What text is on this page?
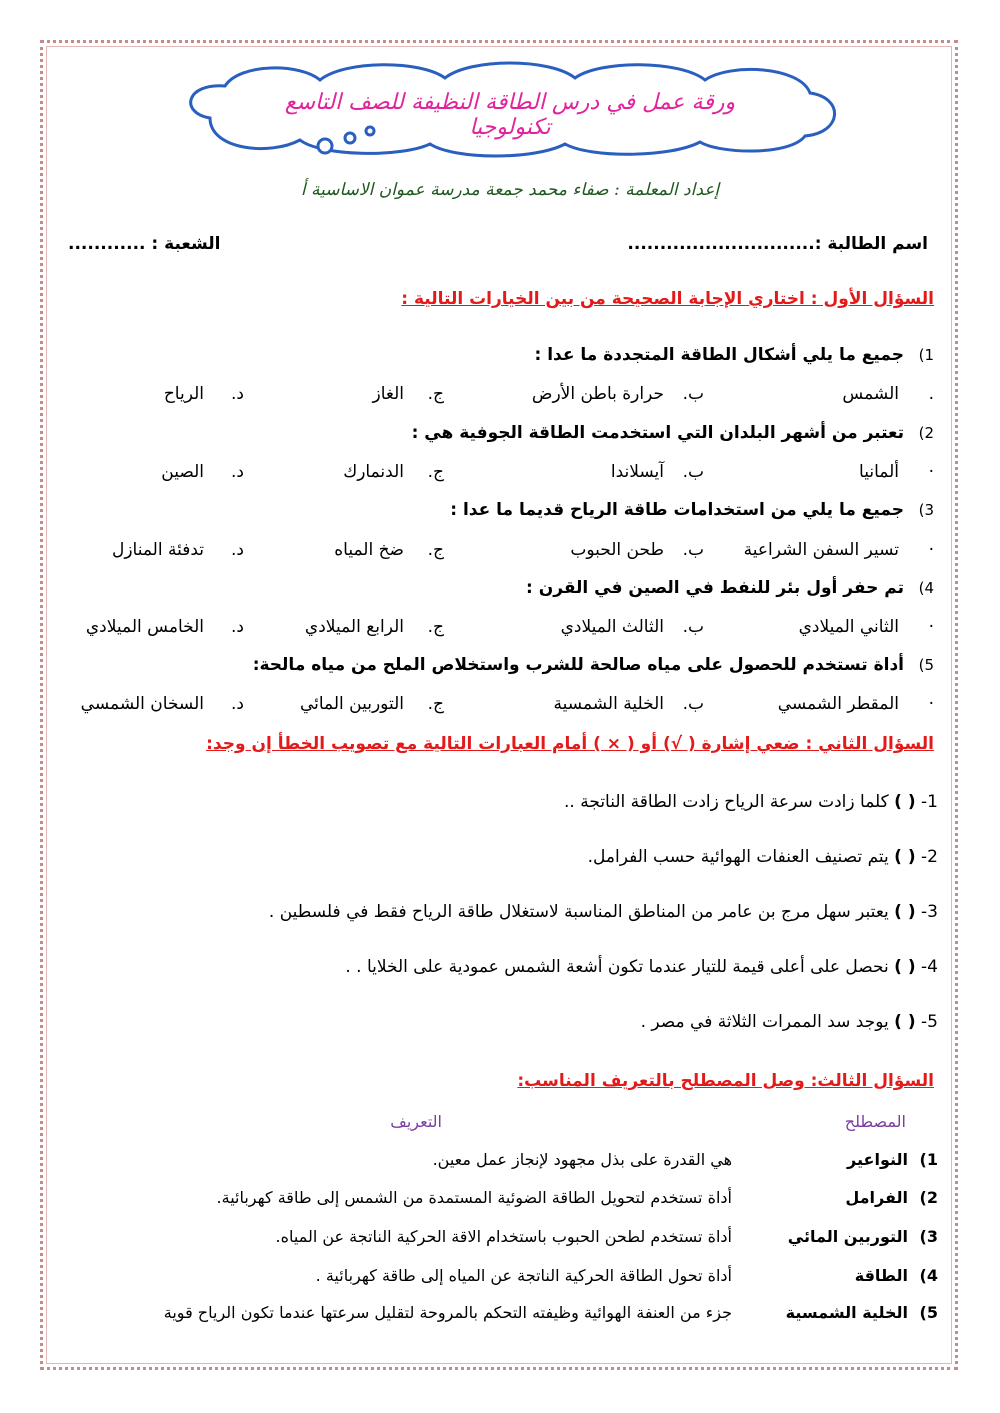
ورقة عمل في درس الطاقة النظيفة للصف التاسع تكنولوجيا
إعداد المعلمة : صفاء محمد جمعة مدرسة عموان الاساسية أ
اسم الطالبة :.............................
الشعبة : ............
السؤال الأول : اختاري الإجابة الصحيحة من بين الخيارات التالية :
1)جميع ما يلي أشكال الطاقة المتجددة ما عدا :
.
الشمس
ب.
حرارة باطن الأرض
ج.
الغاز
د.
الرياح
2)تعتبر من أشهر البلدان التي استخدمت الطاقة الجوفية هي :
·
ألمانيا
ب.
آيسلاندا
ج.
الدنمارك
د.
الصين
3)جميع ما يلي من استخدامات طاقة الرياح قديما ما عدا :
·
تسير السفن الشراعية
ب.
طحن الحبوب
ج.
ضخ المياه
د.
تدفئة المنازل
4)تم حفر أول بئر للنفط في الصين في القرن :
·
الثاني الميلادي
ب.
الثالث الميلادي
ج.
الرابع الميلادي
د.
الخامس الميلادي
5)أداة تستخدم للحصول على مياه صالحة للشرب واستخلاص الملح من مياه مالحة:
·
المقطر الشمسي
ب.
الخلية الشمسية
ج.
التوربين المائي
د.
السخان الشمسي
السؤال الثاني : ضعي إشارة ( √) أو ( × ) أمام العبارات التالية مع تصويب الخطأ إن وجد:
1- ( ) كلما زادت سرعة الرياح زادت الطاقة الناتجة ..
2- ( ) يتم تصنيف العنفات الهوائية حسب الفرامل.
3- ( ) يعتبر سهل مرج بن عامر من المناطق المناسبة لاستغلال طاقة الرياح فقط في فلسطين .
4- ( ) نحصل على أعلى قيمة للتيار عندما تكون أشعة الشمس عمودية على الخلايا . .
5- ( ) يوجد سد الممرات الثلاثة في مصر .
السؤال الثالث: وصل المصطلح بالتعريف المناسب:
المصطلح
التعريف
1)النواعير
هي القدرة على بذل مجهود لإنجاز عمل معين.
2)الفرامل
أداة تستخدم لتحويل الطاقة الضوئية المستمدة من الشمس إلى طاقة كهربائية.
3)التوربين المائي
أداة تستخدم لطحن الحبوب باستخدام الاقة الحركية الناتجة عن المياه.
4)الطاقة
أداة تحول الطاقة الحركية الناتجة عن المياه إلى طاقة كهربائية .
5)الخلية الشمسية
جزء من العنفة الهوائية وظيفته التحكم بالمروحة لتقليل سرعتها عندما تكون الرياح قوية
